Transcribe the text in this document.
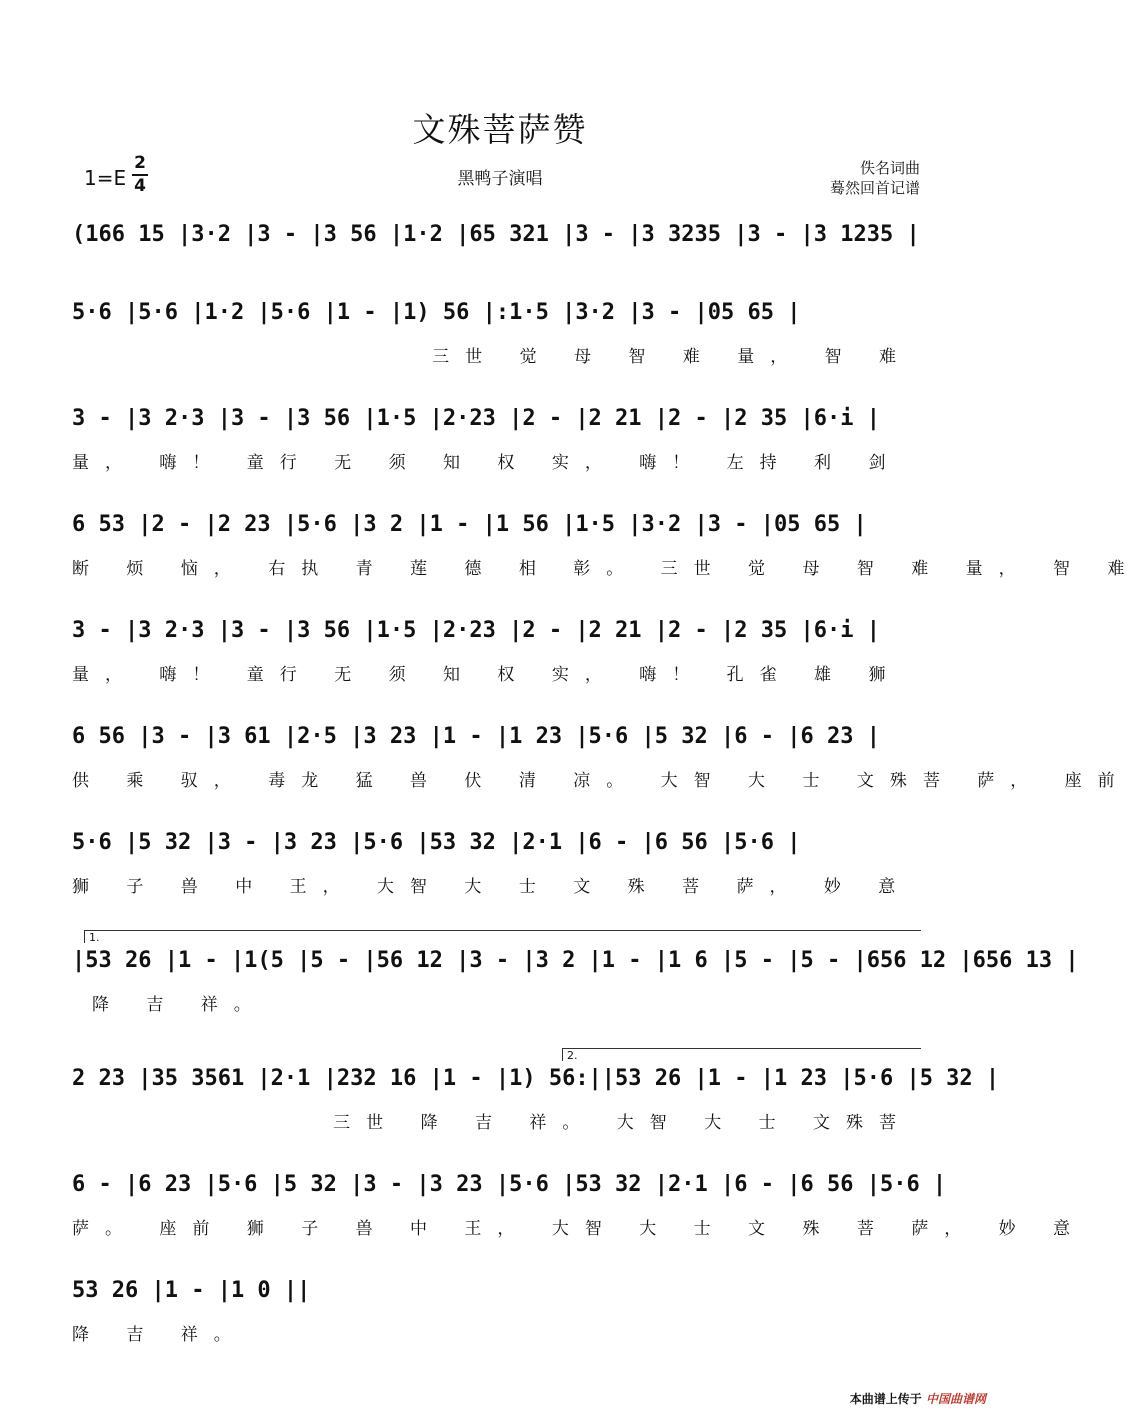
文殊菩萨赞
1=E
2
4	黑鸭子演唱
佚名词曲
蓦然回首记谱
(166 15 |3·2 |3 - |3 56 |1·2 |65 321 |3 - |3 3235 |3 - |3 1235 |
5·6 |5·6 |1·2 |5·6 |1 - |1) 56 |:1·5 |3·2 |3 - |05 65 |
三世 觉 母 智 难 量， 智 难
3 - |3 2·3 |3 - |3 56 |1·5 |2·23 |2 - |2 21 |2 - |2 35 |6·i |
量， 嗨！ 童行 无 须 知 权 实， 嗨！ 左持 利 剑
6 53 |2 - |2 23 |5·6 |3 2 |1 - |1 56 |1·5 |3·2 |3 - |05 65 |
断 烦 恼， 右执 青 莲 德 相 彰。 三世 觉 母 智 难 量， 智 难
3 - |3 2·3 |3 - |3 56 |1·5 |2·23 |2 - |2 21 |2 - |2 35 |6·i |
量， 嗨！ 童行 无 须 知 权 实， 嗨！ 孔雀 雄 狮
6 56 |3 - |3 61 |2·5 |3 23 |1 - |1 23 |5·6 |5 32 |6 - |6 23 |
供 乘 驭， 毒龙 猛 兽 伏 清 凉。 大智 大 士 文殊菩 萨， 座前
5·6 |5 32 |3 - |3 23 |5·6 |53 32 |2·1 |6 - |6 56 |5·6 |
狮 子 兽 中 王， 大智 大 士 文 殊 菩 萨， 妙 意
1.
|53 26 |1 - |1(5 |5 - |56 12 |3 - |3 2 |1 - |1 6 |5 - |5 - |656 12 |656 13 |
降 吉 祥。
2.
2 23 |35 3561 |2·1 |232 16 |1 - |1) 56:||53 26 |1 - |1 23 |5·6 |5 32 |
三世 降 吉 祥。 大智 大 士 文殊菩
6 - |6 23 |5·6 |5 32 |3 - |3 23 |5·6 |53 32 |2·1 |6 - |6 56 |5·6 |
萨。 座前 狮 子 兽 中 王， 大智 大 士 文 殊 菩 萨， 妙 意
53 26 |1 - |1 0 ||
降 吉 祥。
本曲谱上传于 中国曲谱网
